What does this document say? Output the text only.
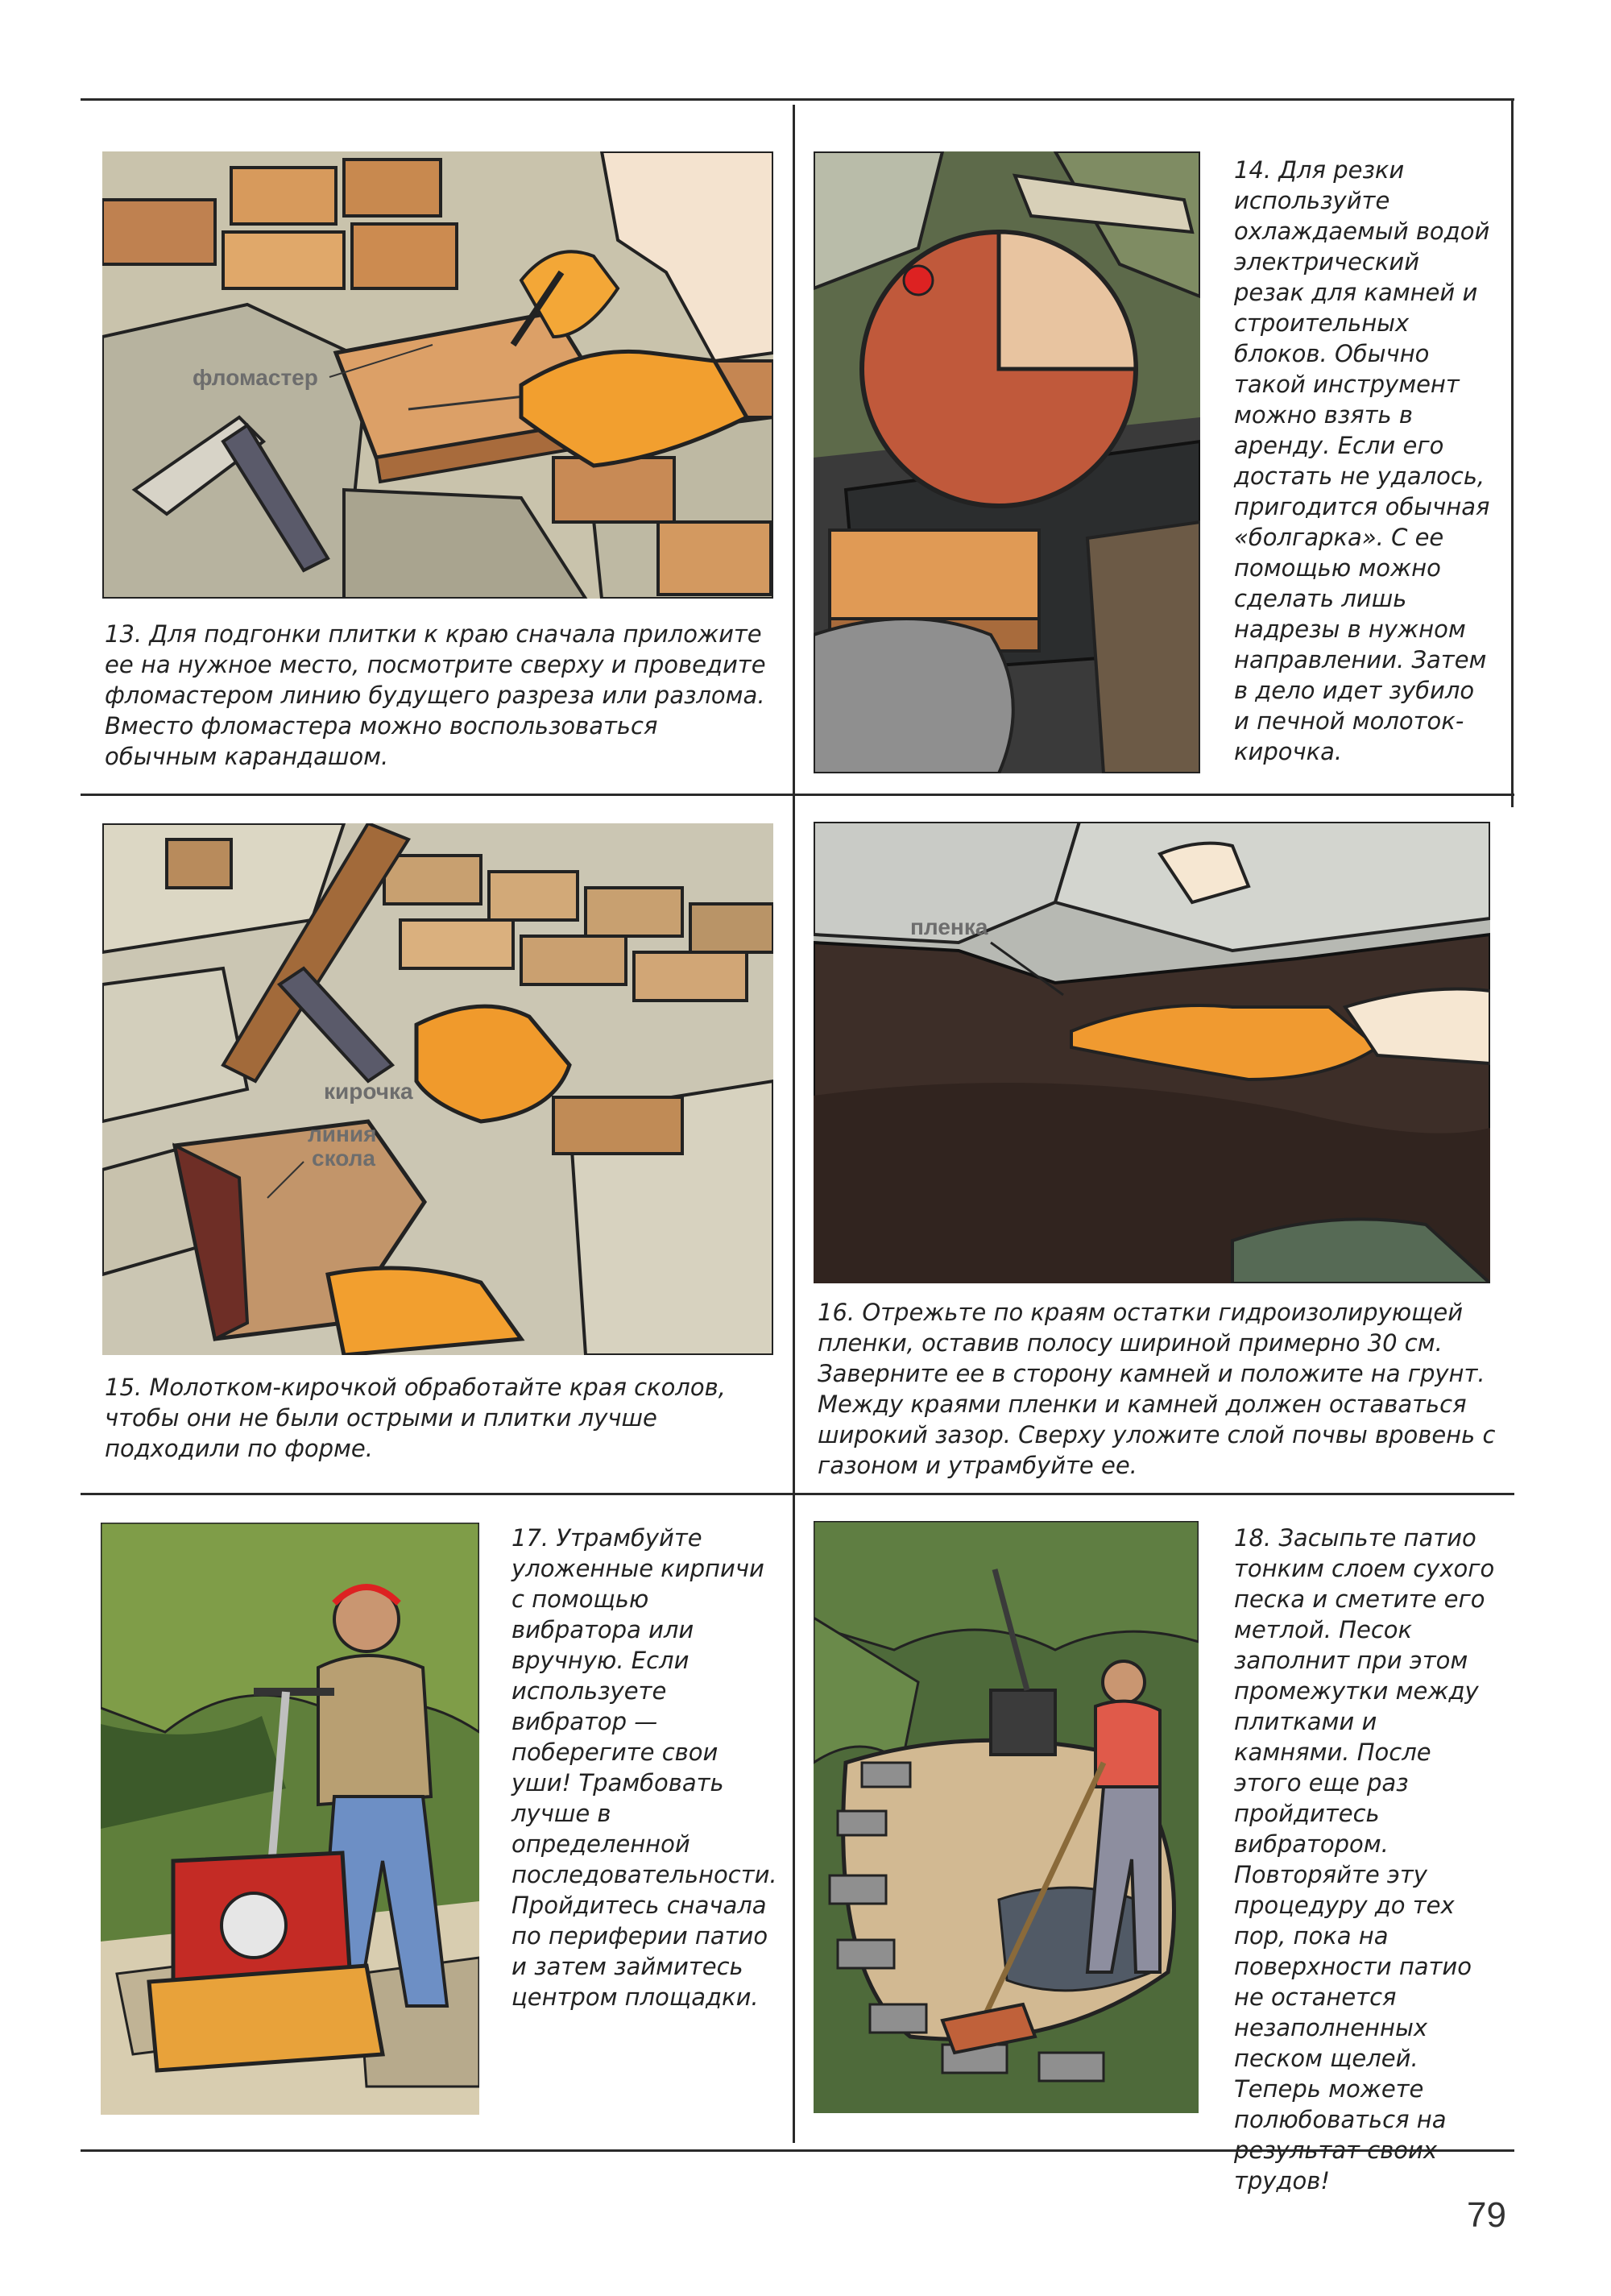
фломастер
13. Для подгонки плитки к краю сначала приложите ее на нужное место, посмотрите сверху и проведите фломастером линию будущего разреза или разлома. Вместо фломастера можно воспользоваться обычным карандашом.
14. Для резки используйте охлаждаемый водой электрический резак для камней и строительных блоков. Обычно такой инструмент можно взять в аренду. Если его достать не удалось, пригодится обычная «болгарка». С ее помощью можно сделать лишь надрезы в нужном направлении. Затем в дело идет зубило и печной молоток-кирочка.
кирочка
линия
скола
15. Молотком-кирочкой обработайте края сколов, чтобы они не были острыми и плитки лучше подходили по форме.
пленка
16. Отрежьте по краям остатки гидроизолирующей пленки, оставив полосу шириной примерно 30 см. Заверните ее в сторону камней и положите на грунт. Между краями пленки и камней должен оставаться широкий зазор. Сверху уложите слой почвы вровень с газоном и утрамбуйте ее.
17. Утрамбуйте уложенные кирпичи с помощью вибратора или вручную. Если используете вибратор — поберегите свои уши! Трамбовать лучше в определенной последовательности. Пройдитесь сначала по периферии патио и затем займитесь центром площадки.
18. Засыпьте патио тонким слоем сухого песка и сметите его метлой. Песок заполнит при этом промежутки между плитками и камнями. После этого еще раз пройдитесь вибратором. Повторяйте эту процедуру до тех пор, пока на поверхности патио не останется незаполненных песком щелей. Теперь можете полюбоваться на результат своих трудов!
79
